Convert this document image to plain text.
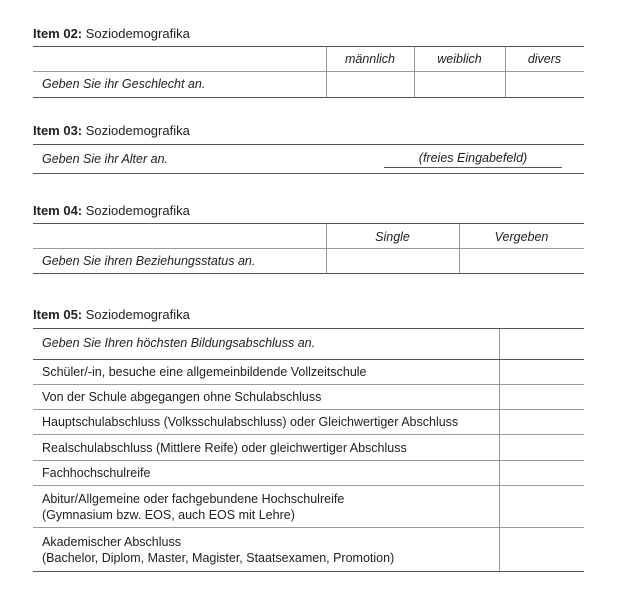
Item 02: Soziodemografika
männlich	weiblich	divers
Geben Sie ihr Geschlecht an.
Item 03: Soziodemografika
Geben Sie ihr Alter an.	(freies Eingabefeld)
Item 04: Soziodemografika
Single	Vergeben
Geben Sie ihren Beziehungsstatus an.
Item 05: Soziodemografika
Geben Sie Ihren höchsten Bildungsabschluss an.
Schüler/-in, besuche eine allgemeinbildende Vollzeitschule
Von der Schule abgegangen ohne Schulabschluss
Hauptschulabschluss (Volksschulabschluss) oder Gleichwertiger Abschluss
Realschulabschluss (Mittlere Reife) oder gleichwertiger Abschluss
Fachhochschulreife
Abitur/Allgemeine oder fachgebundene Hochschulreife
(Gymnasium bzw. EOS, auch EOS mit Lehre)
Akademischer Abschluss
(Bachelor, Diplom, Master, Magister, Staatsexamen, Promotion)
